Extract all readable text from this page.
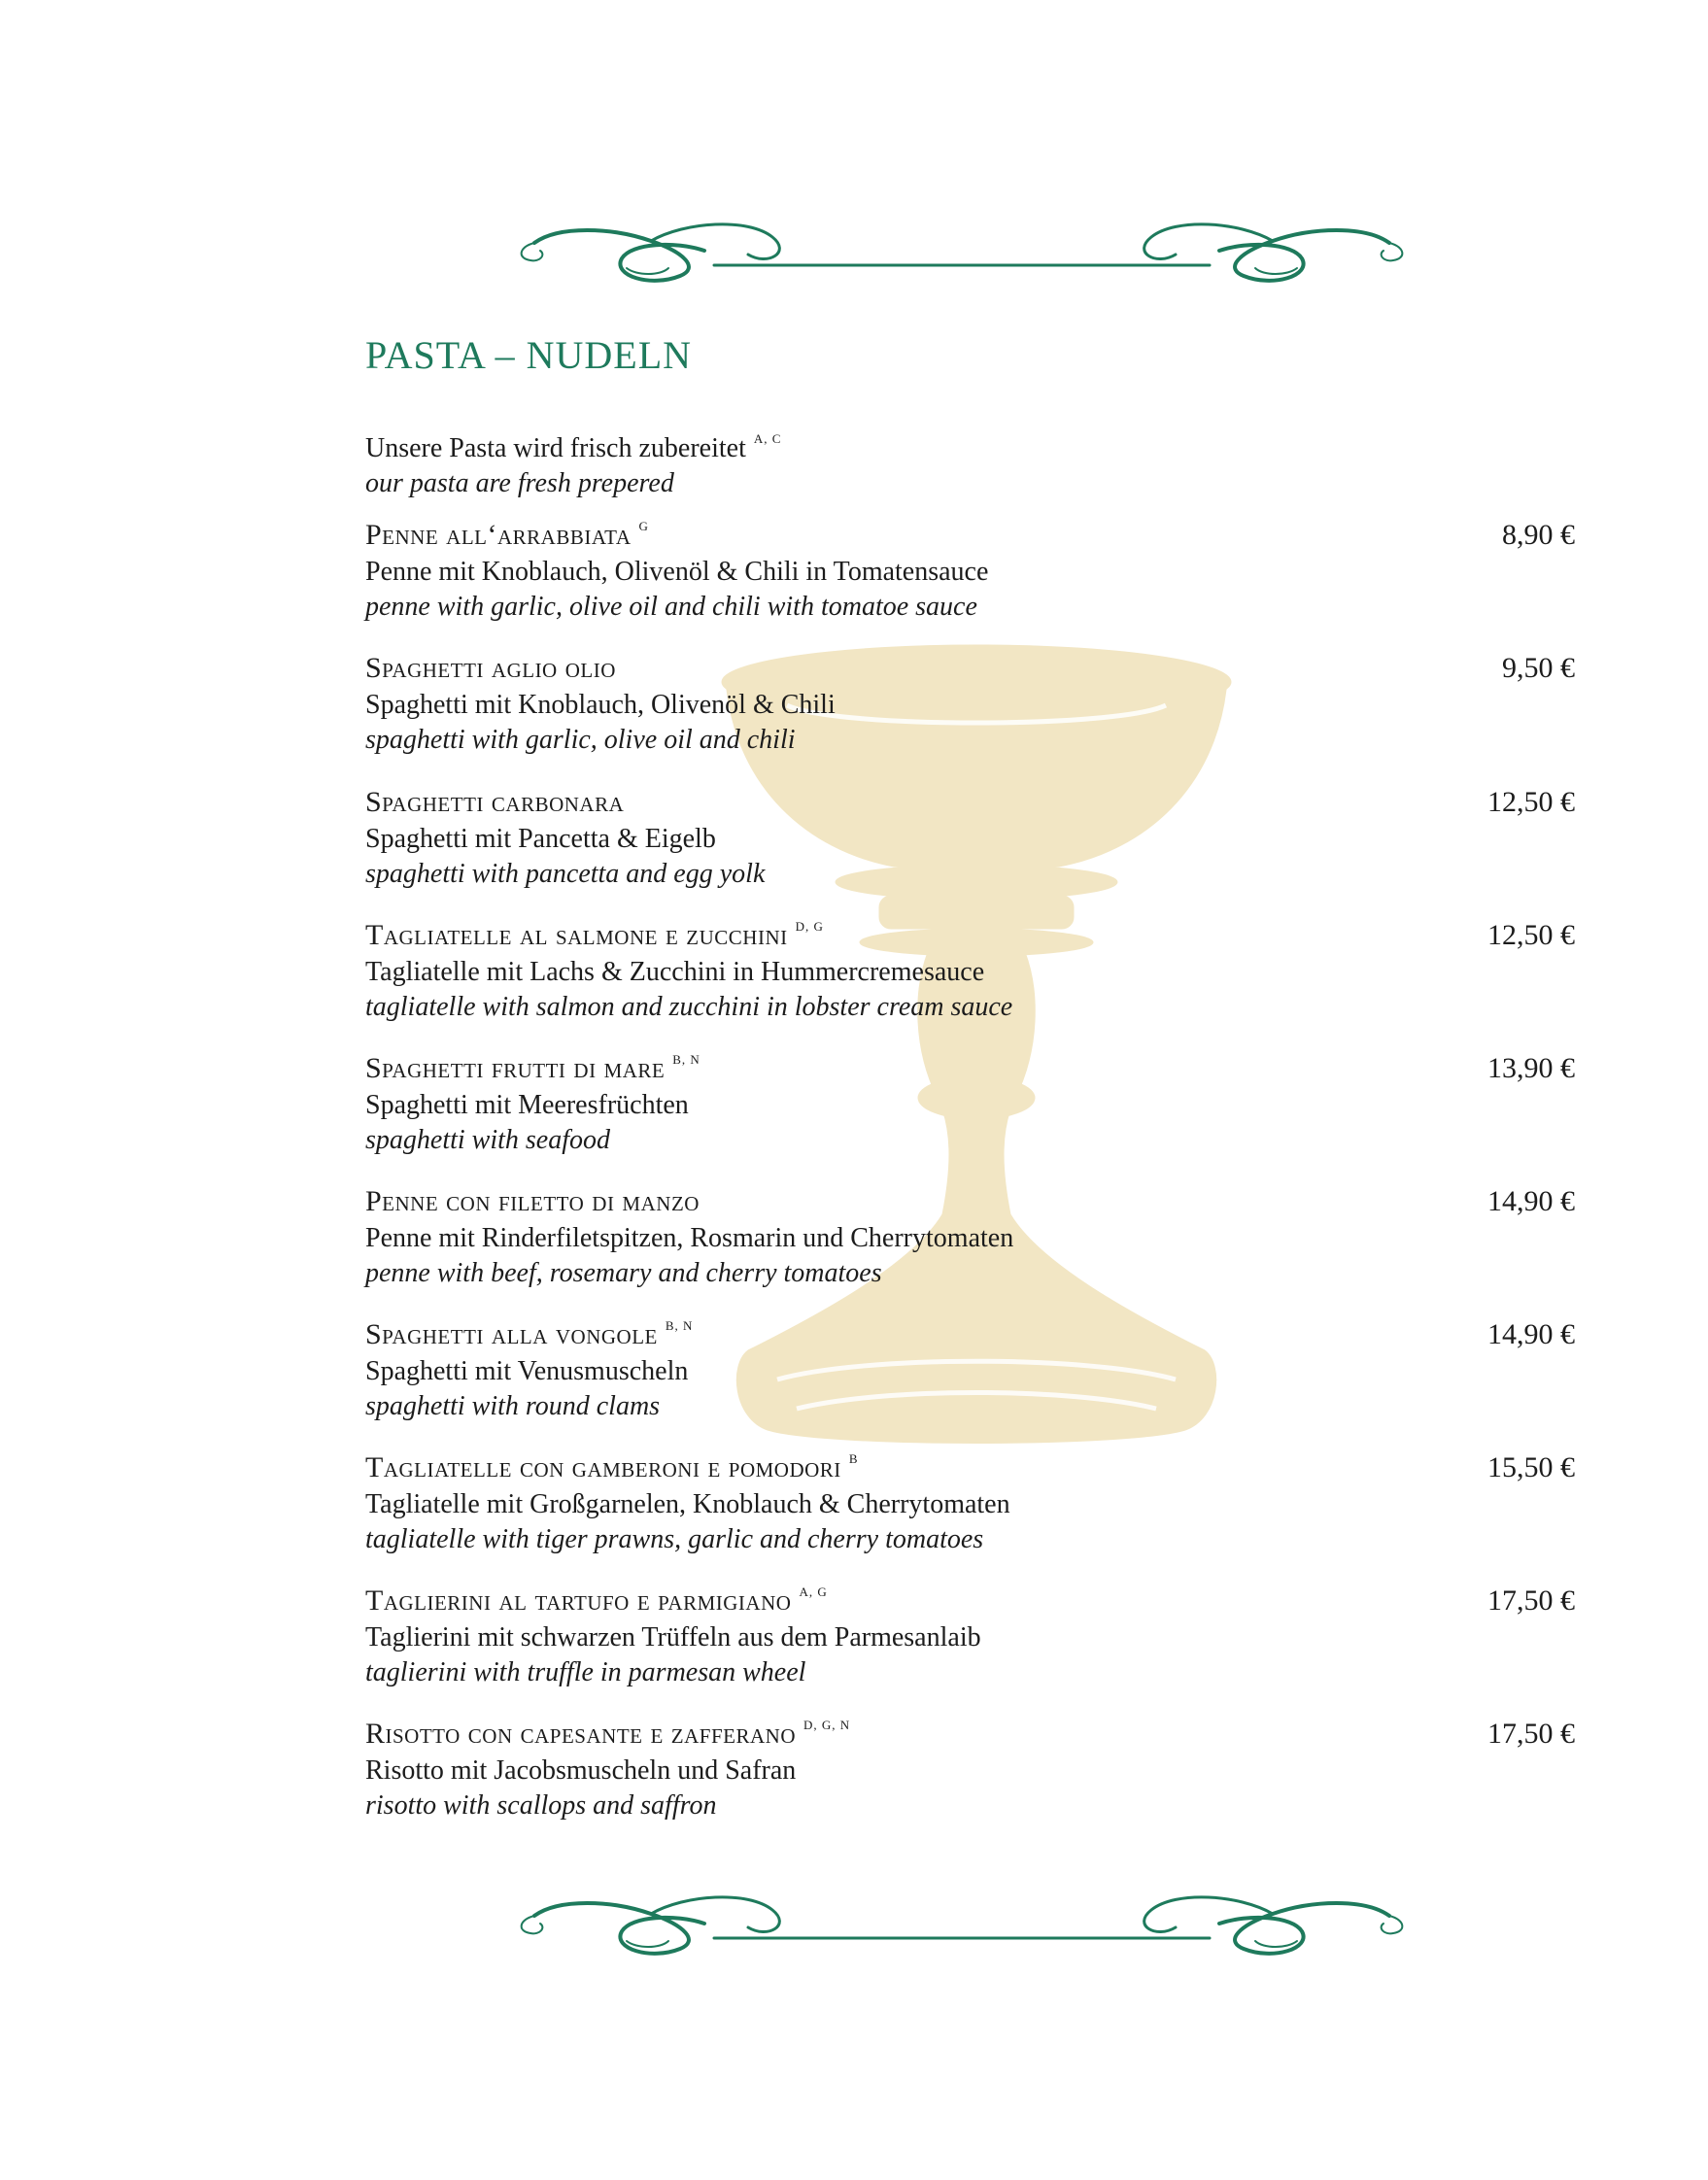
PASTA – NUDELN
Unsere Pasta wird frisch zubereitet $^{A, C}$
our pasta are fresh prepered
Penne all‘arrabbiata $^G$	8,90 €
Penne mit Knoblauch, Olivenöl & Chili in Tomatensauce
penne with garlic, olive oil and chili with tomatoe sauce
Spaghetti aglio olio	9,50 €
Spaghetti mit Knoblauch, Olivenöl & Chili
spaghetti with garlic, olive oil and chili
Spaghetti carbonara	12,50 €
Spaghetti mit Pancetta & Eigelb
spaghetti with pancetta and egg yolk
Tagliatelle al salmone e zucchini $^{D, G}$	12,50 €
Tagliatelle mit Lachs & Zucchini in Hummercremesauce
tagliatelle with salmon and zucchini in lobster cream sauce
Spaghetti frutti di mare $^{B, N}$	13,90 €
Spaghetti mit Meeresfrüchten
spaghetti with seafood
Penne con filetto di manzo	14,90 €
Penne mit Rinderfiletspitzen, Rosmarin und Cherrytomaten
penne with beef, rosemary and cherry tomatoes
Spaghetti alla vongole $^{B, N}$	14,90 €
Spaghetti mit Venusmuscheln
spaghetti with round clams
Tagliatelle con gamberoni e pomodori $^B$	15,50 €
Tagliatelle mit Großgarnelen, Knoblauch & Cherrytomaten
tagliatelle with tiger prawns, garlic and cherry tomatoes
Taglierini al tartufo e parmigiano $^{A, G}$	17,50 €
Taglierini mit schwarzen Trüffeln aus dem Parmesanlaib
taglierini with truffle in parmesan wheel
Risotto con capesante e zafferano $^{D, G, N}$	17,50 €
Risotto mit Jacobsmuscheln und Safran
risotto with scallops and saffron
